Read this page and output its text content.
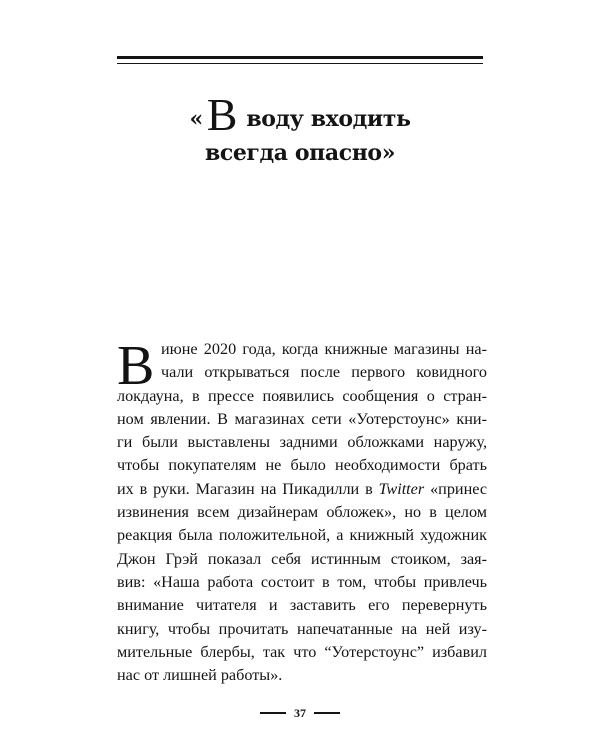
«В воду входить
всегда опасно»
В июне 2020 года, когда книжные магазины на-
чали открываться после первого ковидного
локдауна, в прессе появились сообщения о стран-
ном явлении. В магазинах сети «Уотерстоунс» кни-
ги были выставлены задними обложками наружу,
чтобы покупателям не было необходимости брать
их в руки. Магазин на Пикадилли в Twitter «принес
извинения всем дизайнерам обложек», но в целом
реакция была положительной, а книжный художник
Джон Грэй показал себя истинным стоиком, зая-
вив: «Наша работа состоит в том, чтобы привлечь
внимание читателя и заставить его перевернуть
книгу, чтобы прочитать напечатанные на ней изу-
мительные блербы, так что “Уотерстоунс” избавил
нас от лишней работы».
37
